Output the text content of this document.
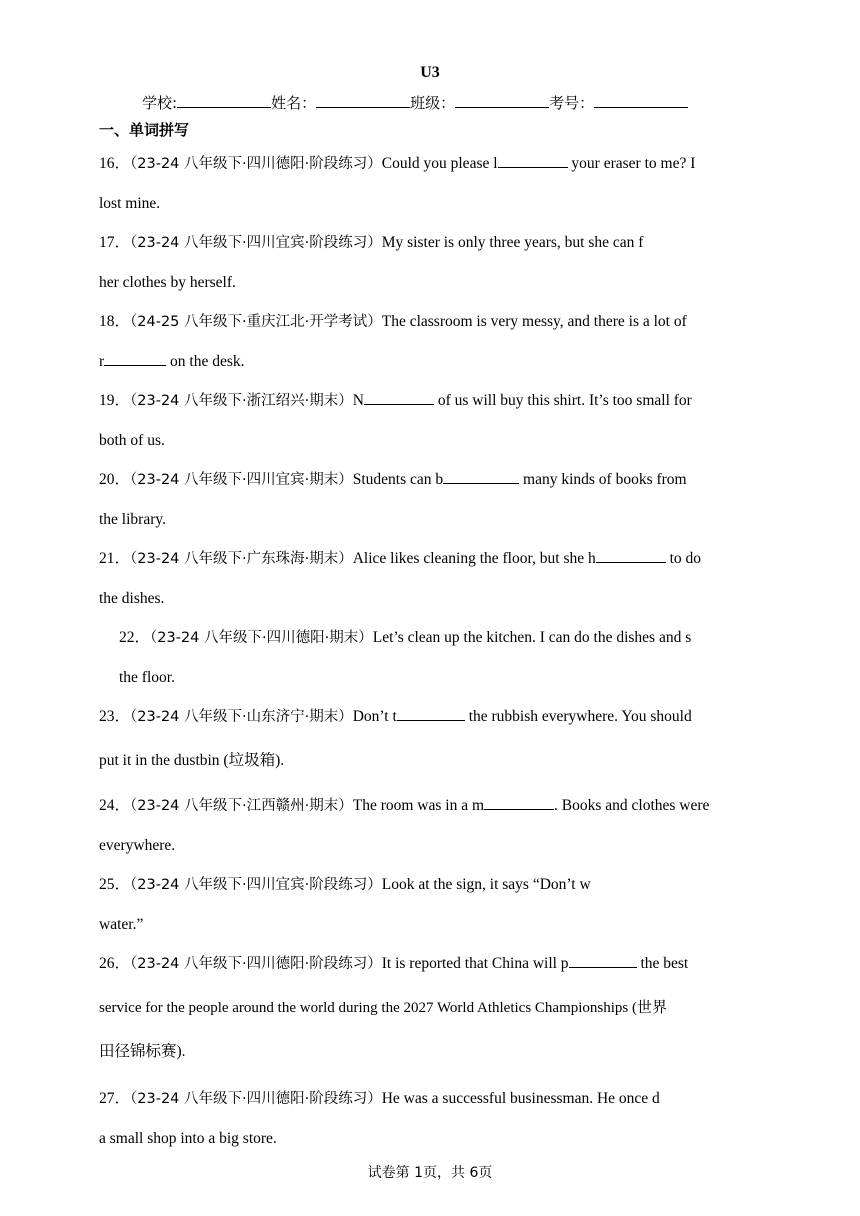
U3
学校:	姓名：	班级：	考号：
一、单词拼写
16．（23-24 八年级下·四川德阳·阶段练习）Could you please l	your eraser to me? I
lost mine.
17．（23-24 八年级下·四川宜宾·阶段练习）My sister is only three years, but she can f
her clothes by herself.
18．（24-25 八年级下·重庆江北·开学考试）The classroom is very messy, and there is a lot of
r	on the desk.
19．（23-24 八年级下·浙江绍兴·期末）N	of us will buy this shirt. It’s too small for
both of us.
20．（23-24 八年级下·四川宜宾·期末）Students can b	many kinds of books from
the library.
21．（23-24 八年级下·广东珠海·期末）Alice likes cleaning the floor, but she h	to do
the dishes.
22．（23-24 八年级下·四川德阳·期末）Let’s clean up the kitchen. I can do the dishes and s
the floor.
23．（23-24 八年级下·山东济宁·期末）Don’t t	the rubbish everywhere. You should
put it in the dustbin (垃圾箱).
24．（23-24 八年级下·江西赣州·期末）The room was in a m	. Books and clothes were
everywhere.
25．（23-24 八年级下·四川宜宾·阶段练习）Look at the sign, it says “Don’t w
water.”
26．（23-24 八年级下·四川德阳·阶段练习）It is reported that China will p	the best
service for the people around the world during the 2027 World Athletics Championships (世界
田径锦标赛).
27．（23-24 八年级下·四川德阳·阶段练习）He was a successful businessman. He once d
a small shop into a big store.
试卷第 1页，共 6页
